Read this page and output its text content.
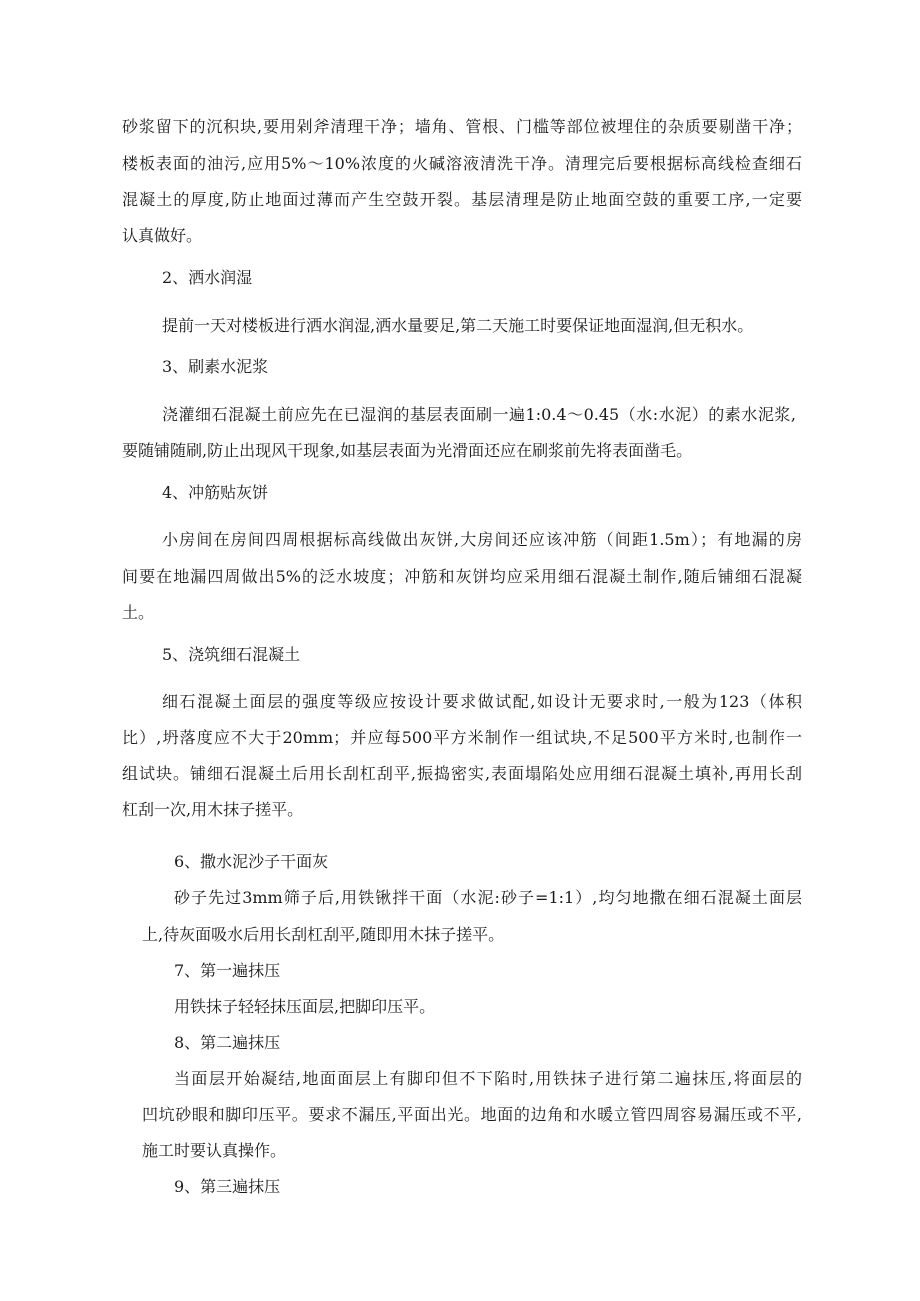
砂浆留下的沉积块,要用剁斧清理干净；墙角、管根、门槛等部位被埋住的杂质要剔凿干净；

楼板表面的油污,应用5%～10%浓度的火碱溶液清洗干净。清理完后要根据标高线检查细石

混凝土的厚度,防止地面过薄而产生空鼓开裂。基层清理是防止地面空鼓的重要工序,一定要

认真做好。

2、洒水润湿

提前一天对楼板进行洒水润湿,洒水量要足,第二天施工时要保证地面湿润,但无积水。

3、刷素水泥浆

浇灌细石混凝土前应先在已湿润的基层表面刷一遍1:0.4～0.45（水:水泥）的素水泥浆,

要随铺随刷,防止出现风干现象,如基层表面为光滑面还应在刷浆前先将表面凿毛。

4、冲筋贴灰饼

小房间在房间四周根据标高线做出灰饼,大房间还应该冲筋（间距1.5m）；有地漏的房

间要在地漏四周做出5%的泛水坡度；冲筋和灰饼均应采用细石混凝土制作,随后铺细石混凝

土。

5、浇筑细石混凝土

细石混凝土面层的强度等级应按设计要求做试配,如设计无要求时,一般为123（体积

比）,坍落度应不大于20mm；并应每500平方米制作一组试块,不足500平方米时,也制作一

组试块。铺细石混凝土后用长刮杠刮平,振捣密实,表面塌陷处应用细石混凝土填补,再用长刮

杠刮一次,用木抹子搓平。

6、撒水泥沙子干面灰

砂子先过3mm筛子后,用铁锹拌干面（水泥:砂子=1:1）,均匀地撒在细石混凝土面层

上,待灰面吸水后用长刮杠刮平,随即用木抹子搓平。

7、第一遍抹压

用铁抹子轻轻抹压面层,把脚印压平。

8、第二遍抹压

当面层开始凝结,地面面层上有脚印但不下陷时,用铁抹子进行第二遍抹压,将面层的

凹坑砂眼和脚印压平。要求不漏压,平面出光。地面的边角和水暖立管四周容易漏压或不平,

施工时要认真操作。

9、第三遍抹压
